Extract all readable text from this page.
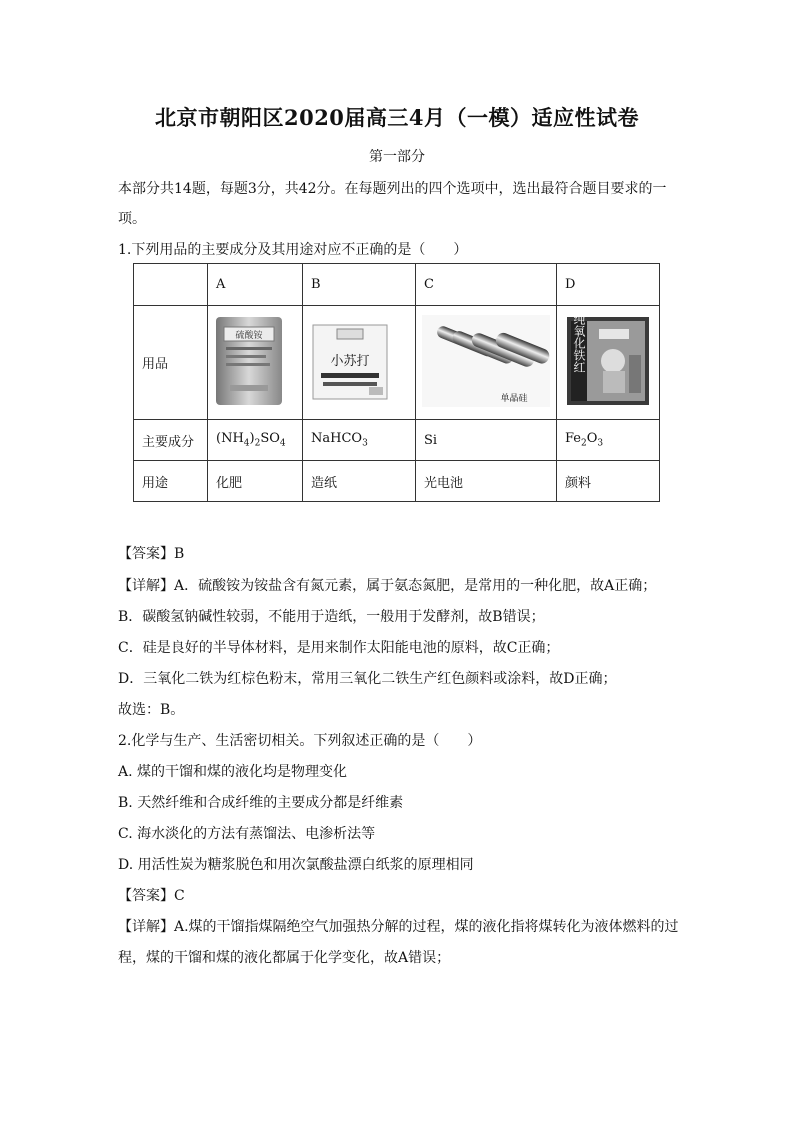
北京市朝阳区2020届高三4月（一模）适应性试卷
第一部分
本部分共14题，每题3分，共42分。在每题列出的四个选项中，选出最符合题目要求的一
项。
1.下列用品的主要成分及其用途对应不正确的是（　　）
	A	B	C	D
用品	硫酸铵	小苏打	单晶硅	纯氧化铁红

主要成分	$(NH_4)_2SO_4$	NaHCO$_3$	Si	$Fe_2O_3$
用途	化肥	造纸	光电池	颜料
【答案】B
【详解】A．硫酸铵为铵盐含有氮元素，属于氨态氮肥，是常用的一种化肥，故A正确；
B．碳酸氢钠碱性较弱，不能用于造纸，一般用于发酵剂，故B错误；
C．硅是良好的半导体材料，是用来制作太阳能电池的原料，故C正确；
D．三氧化二铁为红棕色粉末，常用三氧化二铁生产红色颜料或涂料，故D正确；
故选：B。
2.化学与生产、生活密切相关。下列叙述正确的是（　　）
A. 煤的干馏和煤的液化均是物理变化
B. 天然纤维和合成纤维的主要成分都是纤维素
C. 海水淡化的方法有蒸馏法、电渗析法等
D. 用活性炭为糖浆脱色和用次氯酸盐漂白纸浆的原理相同
【答案】C
【详解】A.煤的干馏指煤隔绝空气加强热分解的过程，煤的液化指将煤转化为液体燃料的过
程，煤的干馏和煤的液化都属于化学变化，故A错误；
